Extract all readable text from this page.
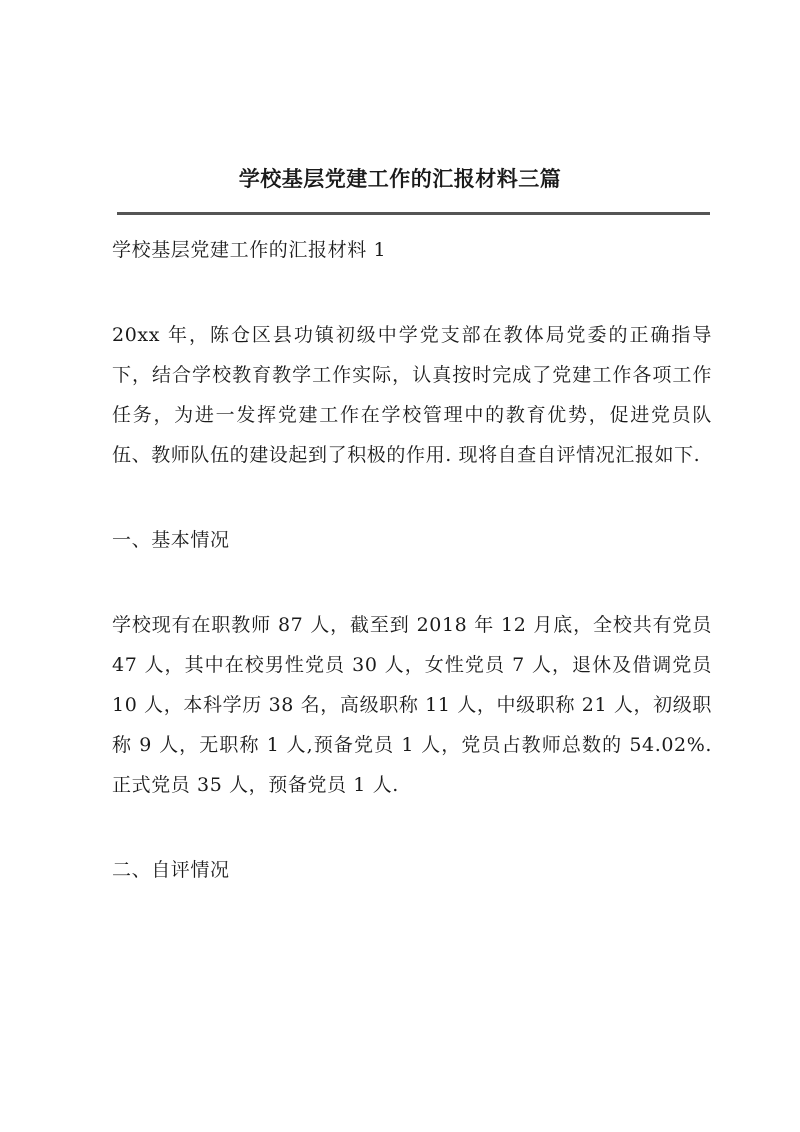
学校基层党建工作的汇报材料三篇

学校基层党建工作的汇报材料 1

20xx 年，陈仓区县功镇初级中学党支部在教体局党委的正确指导下，结合学校教育教学工作实际，认真按时完成了党建工作各项工作任务，为进一发挥党建工作在学校管理中的教育优势，促进党员队伍、教师队伍的建设起到了积极的作用. 现将自查自评情况汇报如下.

一、基本情况

学校现有在职教师 87 人，截至到 2018 年 12 月底，全校共有党员 47 人，其中在校男性党员 30 人，女性党员 7 人，退休及借调党员 10 人，本科学历 38 名，高级职称 11 人，中级职称 21 人，初级职称 9 人，无职称 1 人,预备党员 1 人，党员占教师总数的 54.02%. 正式党员 35 人，预备党员 1 人.

二、自评情况
